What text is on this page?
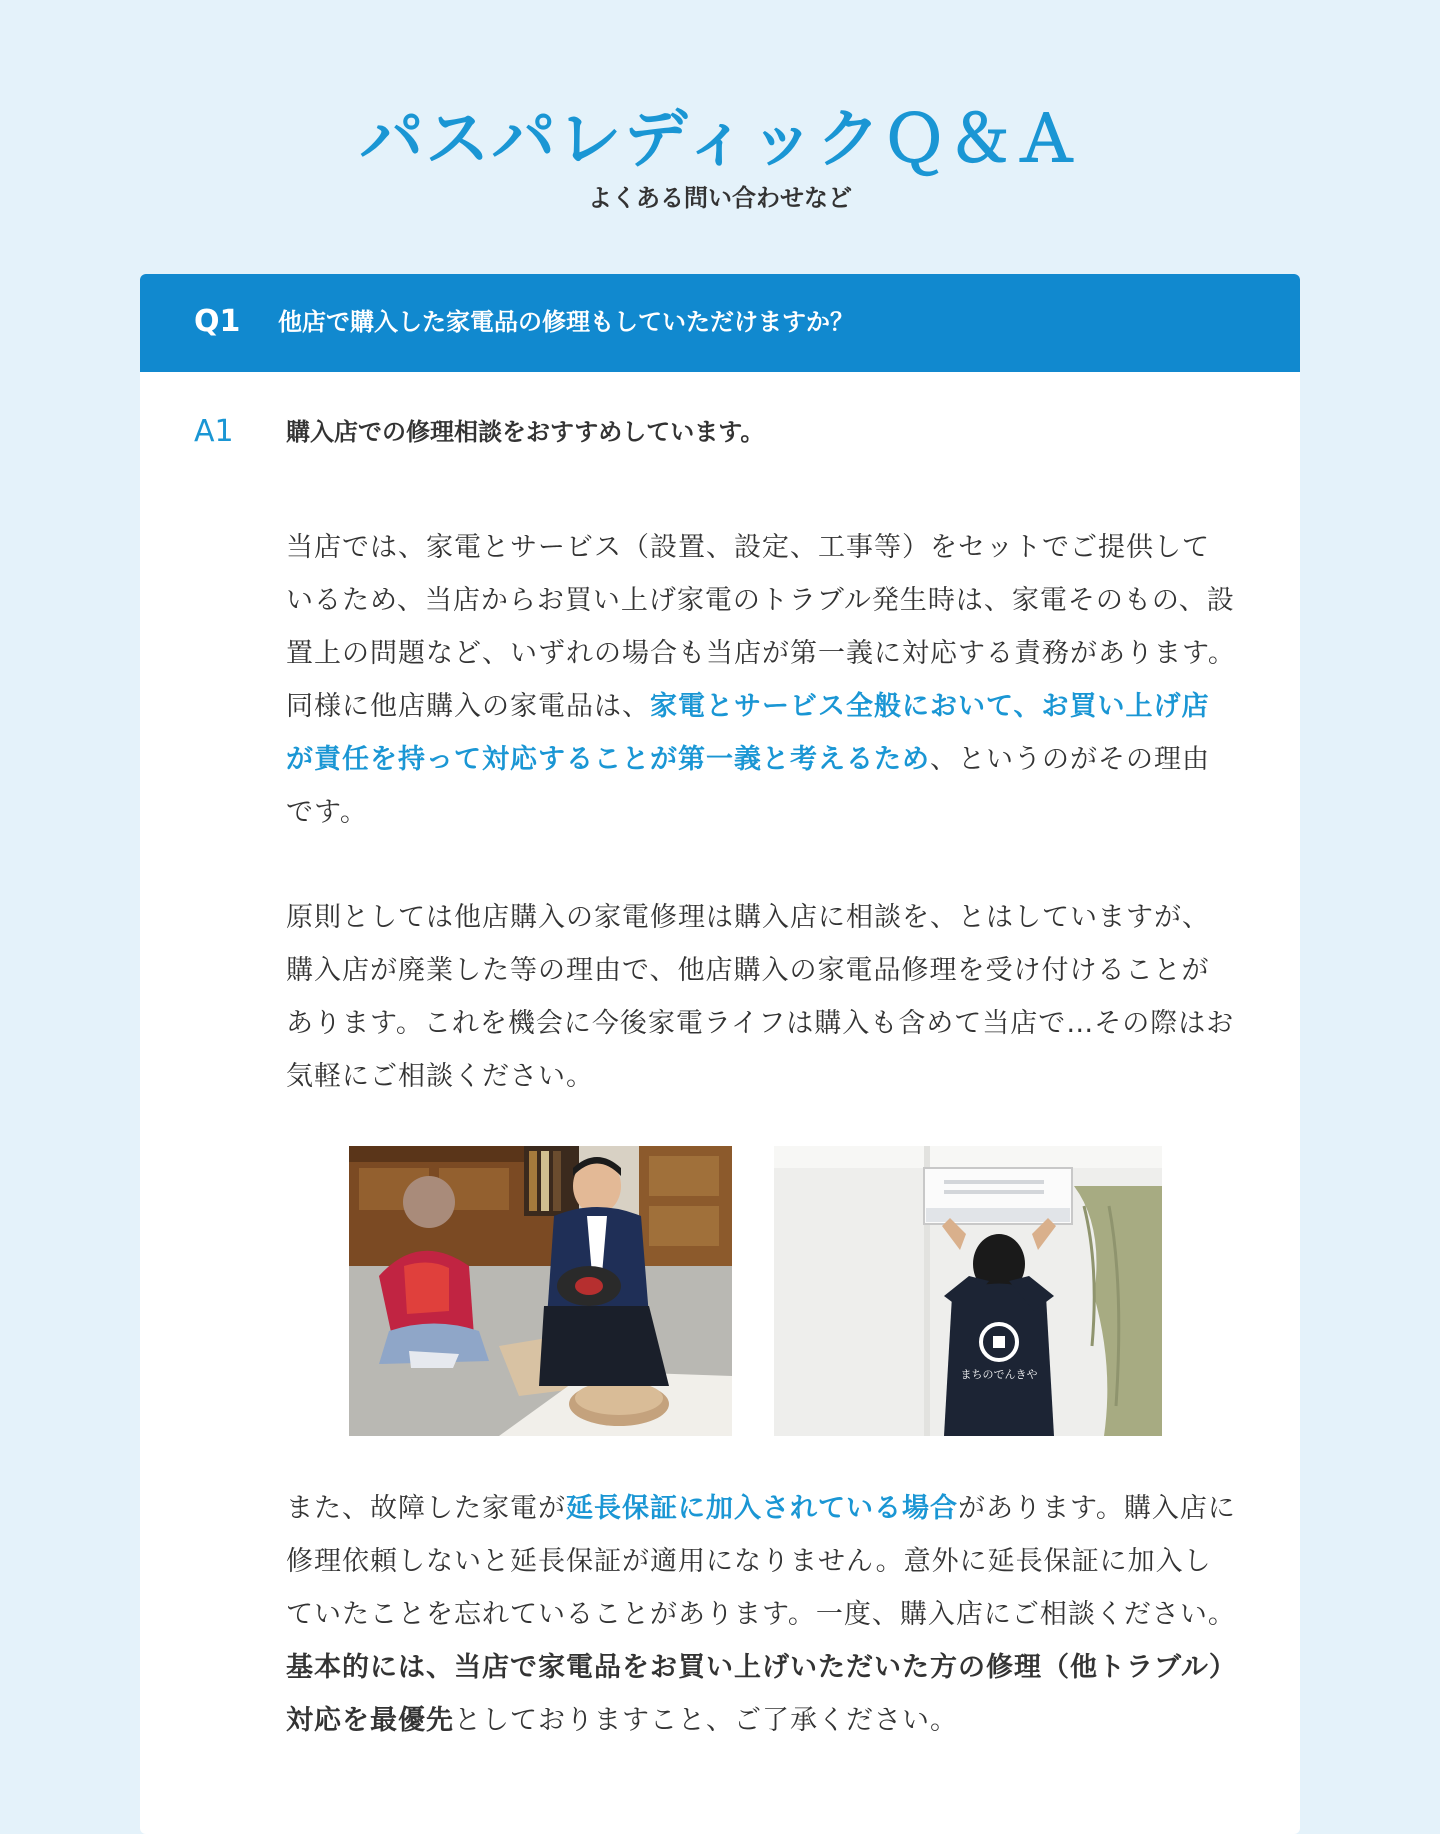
パスパレディックＱ＆Ａ
よくある問い合わせなど
Q1 他店で購入した家電品の修理もしていただけますか？
A1 購入店での修理相談をおすすめしています。

当店では、家電とサービス（設置、設定、工事等）をセットでご提供しているため、当店からお買い上げ家電のトラブル発生時は、家電そのもの、設置上の問題など、いずれの場合も当店が第一義に対応する責務があります。同様に他店購入の家電品は、家電とサービス全般において、お買い上げ店が責任を持って対応することが第一義と考えるため、というのがその理由です。

原則としては他店購入の家電修理は購入店に相談を、とはしていますが、購入店が廃業した等の理由で、他店購入の家電品修理を受け付けることがあります。これを機会に今後家電ライフは購入も含めて当店で…その際はお気軽にご相談ください。

まちのでんきや

また、故障した家電が延長保証に加入されている場合があります。購入店に修理依頼しないと延長保証が適用になりません。意外に延長保証に加入していたことを忘れていることがあります。一度、購入店にご相談ください。
基本的には、当店で家電品をお買い上げいただいた方の修理（他トラブル）対応を最優先としておりますこと、ご了承ください。
